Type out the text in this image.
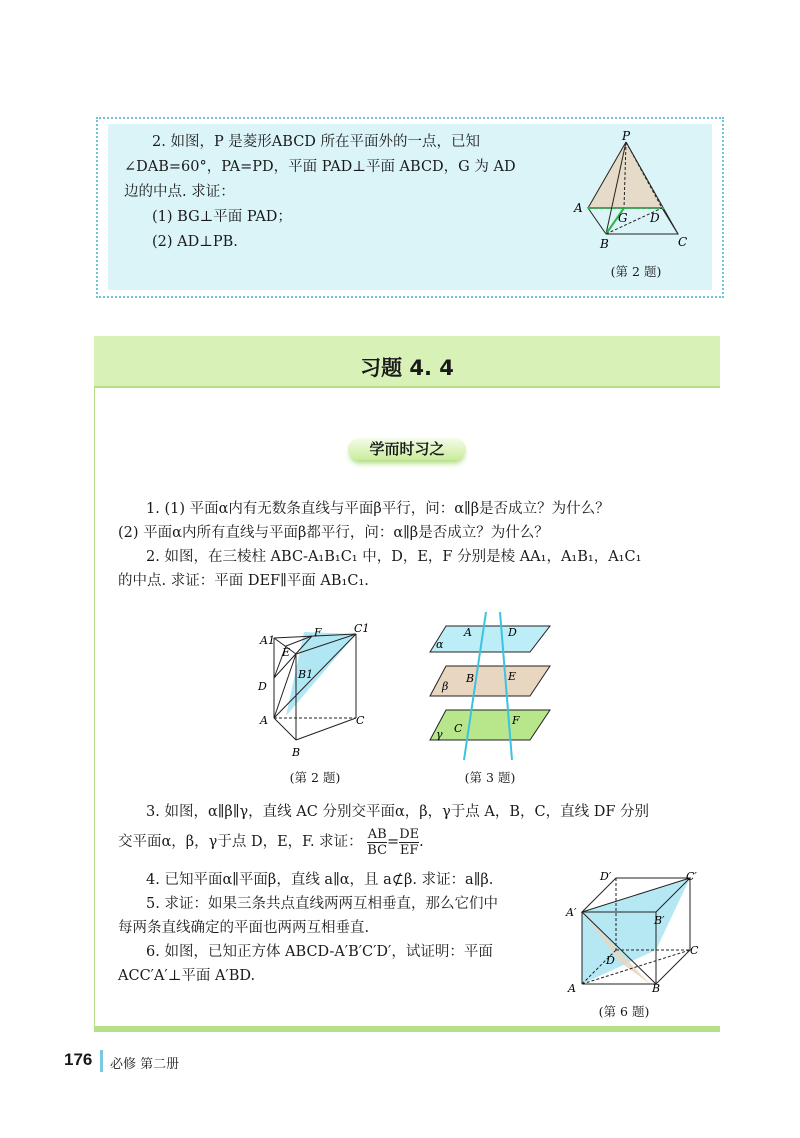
2. 如图，P 是菱形ABCD 所在平面外的一点，已知

∠DAB=60°，PA=PD，平面 PAD⊥平面 ABCD，G 为 AD

边的中点. 求证：

(1) BG⊥平面 PAD；

(2) AD⊥PB.

P
A
G D
B	C
(第 2 题)
习题 4. 4
学而时习之

1. (1) 平面α内有无数条直线与平面β平行，问：α∥β是否成立？为什么？

(2) 平面α内所有直线与平面β都平行，问：α∥β是否成立？为什么？

2. 如图，在三棱柱 ABC-A₁B₁C₁ 中，D，E，F 分别是棱 AA₁，A₁B₁，A₁C₁

的中点. 求证：平面 DEF∥平面 AB₁C₁.

A1
F	C1
E
D
B1
A	C
B
(第 2 题)
A	D
α
B	E
β
C
F
γ
(第 3 题)

3. 如图，α∥β∥γ，直线 AC 分别交平面α，β，γ于点 A，B，C，直线 DF 分别

交平面α，β，γ于点 D，E，F. 求证： $\frac{AB}{BC} = \frac{DE}{EF}$ .

4. 已知平面α∥平面β，直线 a∥α，且 a⊄β. 求证：a∥β.

5. 求证：如果三条共点直线两两互相垂直，那么它们中

每两条直线确定的平面也两两互相垂直.

6. 如图，已知正方体 ABCD-A′B′C′D′，试证明：平面

ACC′A′⊥平面 A′BD.

D′	C′
A′
B′
D
C
A	B
(第 6 题)
176 必修 第二册
